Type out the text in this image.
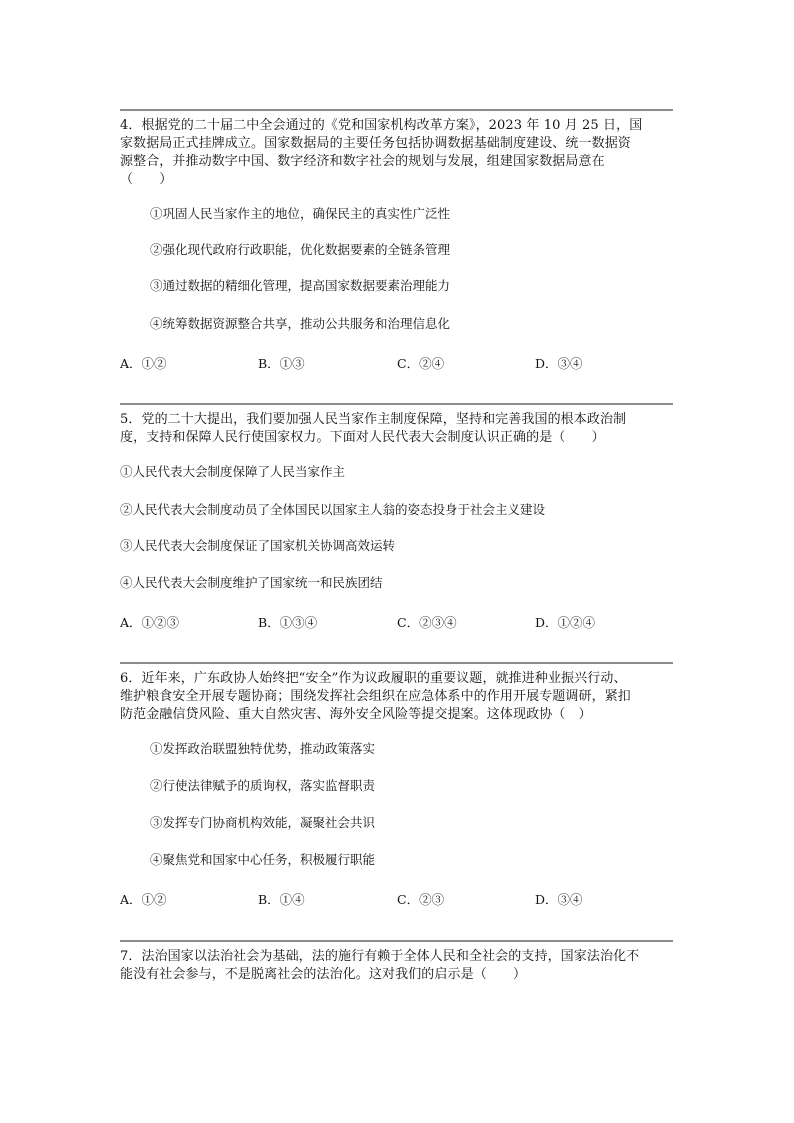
4．根据党的二十届二中全会通过的《党和国家机构改革方案》，2023 年 10 月 25 日，国
家数据局正式挂牌成立。国家数据局的主要任务包括协调数据基础制度建设、统一数据资
源整合，并推动数字中国、数字经济和数字社会的规划与发展，组建国家数据局意在
（　　）
①巩固人民当家作主的地位，确保民主的真实性广泛性
②强化现代政府行政职能，优化数据要素的全链条管理
③通过数据的精细化管理，提高国家数据要素治理能力
④统筹数据资源整合共享，推动公共服务和治理信息化
A．①②	B．①③	C．②④	D．③④
5．党的二十大提出，我们要加强人民当家作主制度保障，坚持和完善我国的根本政治制
度，支持和保障人民行使国家权力。下面对人民代表大会制度认识正确的是（　　）
①人民代表大会制度保障了人民当家作主
②人民代表大会制度动员了全体国民以国家主人翁的姿态投身于社会主义建设
③人民代表大会制度保证了国家机关协调高效运转
④人民代表大会制度维护了国家统一和民族团结
A．①②③	B．①③④	C．②③④	D．①②④
6．近年来，广东政协人始终把“安全”作为议政履职的重要议题，就推进种业振兴行动、
维护粮食安全开展专题协商；围绕发挥社会组织在应急体系中的作用开展专题调研，紧扣
防范金融信贷风险、重大自然灾害、海外安全风险等提交提案。这体现政协（　）
①发挥政治联盟独特优势，推动政策落实
②行使法律赋予的质询权，落实监督职责
③发挥专门协商机构效能，凝聚社会共识
④聚焦党和国家中心任务，积极履行职能
A．①②	B．①④	C．②③	D．③④
7．法治国家以法治社会为基础，法的施行有赖于全体人民和全社会的支持，国家法治化不
能没有社会参与，不是脱离社会的法治化。这对我们的启示是（　　）
